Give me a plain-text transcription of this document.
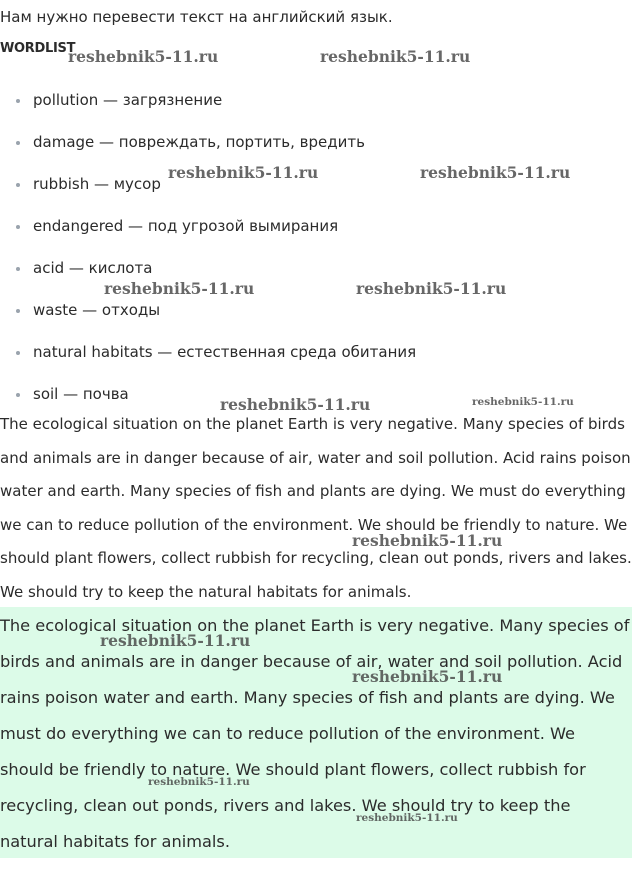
Нам нужно перевести текст на английский язык.
WORDLIST
pollution — загрязнение
damage — повреждать, портить, вредить
rubbish — мусор
endangered — под угрозой вымирания
acid — кислота
waste — отходы
natural habitats — естественная среда обитания
soil — почва
The ecological situation on the planet Earth is very negative. Many species of birds and animals are in danger because of air, water and soil pollution. Acid rains poison water and earth. Many species of fish and plants are dying. We must do everything we can to reduce pollution of the environment. We should be friendly to nature. We should plant flowers, collect rubbish for recycling, clean out ponds, rivers and lakes. We should try to keep the natural habitats for animals.
The ecological situation on the planet Earth is very negative. Many species of birds and animals are in danger because of air, water and soil pollution. Acid rains poison water and earth. Many species of fish and plants are dying. We must do everything we can to reduce pollution of the environment. We should be friendly to nature. We should plant flowers, collect rubbish for recycling, clean out ponds, rivers and lakes. We should try to keep the natural habitats for animals.
reshebnik5-11.ru	reshebnik5-11.ru
reshebnik5-11.ru	reshebnik5-11.ru
reshebnik5-11.ru	reshebnik5-11.ru
reshebnik5-11.ru	reshebnik5-11.ru
reshebnik5-11.ru
reshebnik5-11.ru
reshebnik5-11.ru
reshebnik5-11.ru
reshebnik5-11.ru
